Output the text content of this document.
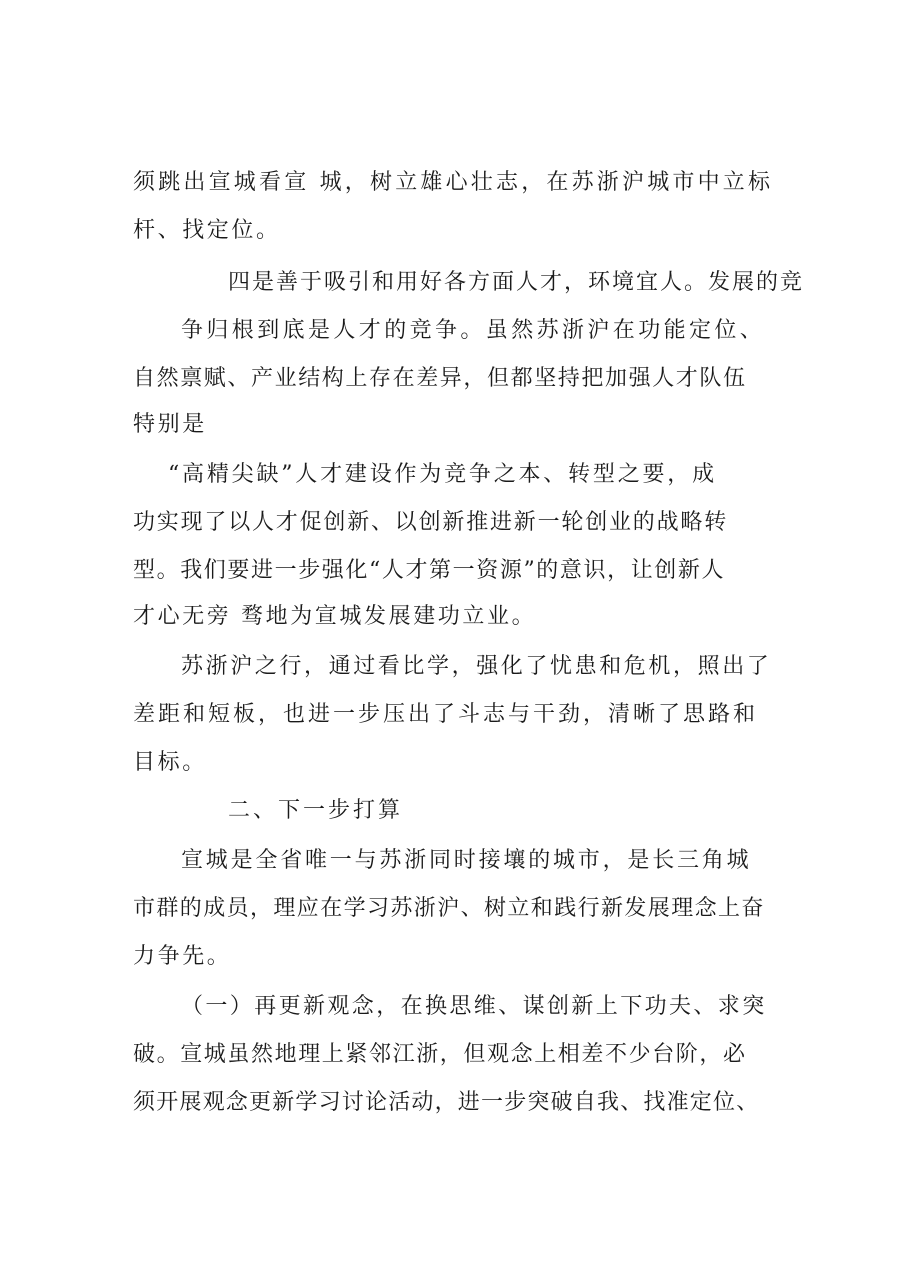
须跳出宣城看宣 城，树立雄心壮志，在苏浙沪城市中立标
杆、找定位。
四是善于吸引和用好各方面人才，环境宜人。发展的竞
争归根到底是人才的竞争。虽然苏浙沪在功能定位、
自然禀赋、产业结构上存在差异，但都坚持把加强人才队伍
特别是
“高精尖缺”人才建设作为竞争之本、转型之要，成
功实现了以人才促创新、以创新推进新一轮创业的战略转
型。我们要进一步强化“人才第一资源”的意识，让创新人
才心无旁 骛地为宣城发展建功立业。
苏浙沪之行，通过看比学，强化了忧患和危机，照出了
差距和短板，也进一步压出了斗志与干劲，清晰了思路和
目标。
二、下一步打算
宣城是全省唯一与苏浙同时接壤的城市，是长三角城
市群的成员，理应在学习苏浙沪、树立和践行新发展理念上奋
力争先。
（一）再更新观念，在换思维、谋创新上下功夫、求突
破。宣城虽然地理上紧邻江浙，但观念上相差不少台阶，必
须开展观念更新学习讨论活动，进一步突破自我、找准定位、
